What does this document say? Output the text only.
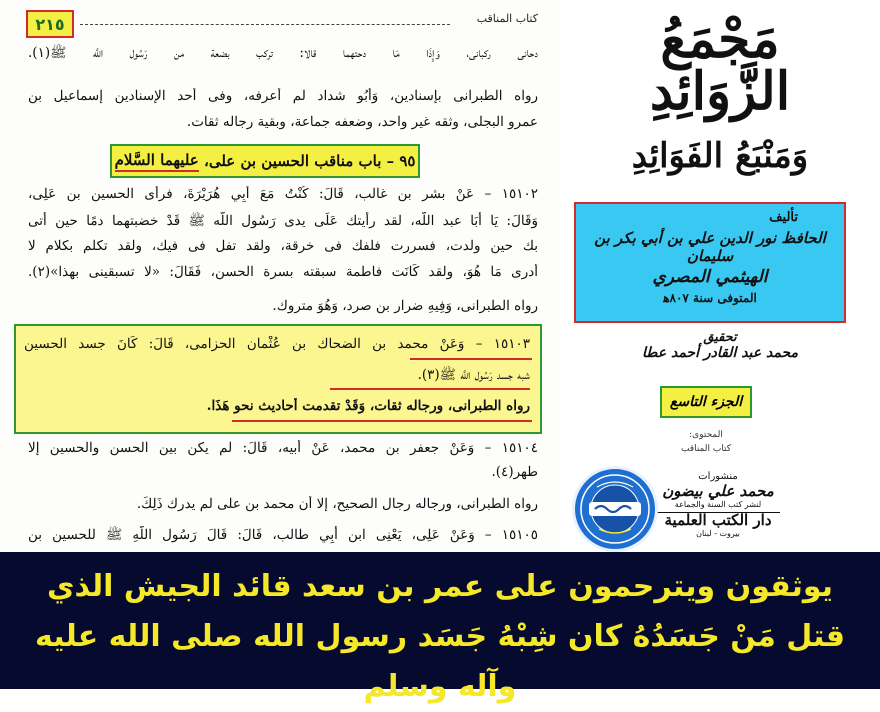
٢١٥	كتاب المناقب
دحانى ركبانى، وَإِذَا مَا دحتهما قالا: تركب بضعة من رَسُول اللَّه ﷺ(١).
رواه الطبرانى بإسنادين، وَأَبُو شداد لم أعرفه، وفى أحد الإسنادين إسماعيل بن
عمرو البجلى، وثقه غير واحد، وضعفه جماعة، وبقية رجاله ثقات.
٩٥ – باب مناقب الحسين بن على،

عليهما السَّلام
١٥١٠٢ – عَنْ بشر بن غالب، قَالَ: كُنْتُ مَعَ أَبِي هُرَيْرَةَ، فرأى الحسين بن عَلِى،
وَقَالَ: يَا أَبَا عبد اللَّه، لقد رأيتك عَلَى يدى رَسُول اللَّه ﷺ قَدْ خضبتهما دمًا حين أتى
بك حين ولدت، فسررت فلفك فى خرقة، ولقد تفل فى فيك، ولقد تكلم بكلام لا
أدرى مَا هُوَ، ولقد كَانَت فاطمة سبقته بسرة الحسن، فَقَالَ: «لا تسبقينى بهذا»(٢).
رواه الطبرانى، وَفِيهِ ضرار بن صرد، وَهُوَ متروك.
١٥١٠٣ – وَعَنْ محمد بن الضحاك بن عُثْمان الحزامى، قَالَ: كَانَ جسد الحسين
شبه جسد رَسُول اللَّه ﷺ(٣).
رواه الطبرانى، ورجاله ثقات، وَقَدْ تقدمت أحاديث نحو هَذَا.
١٥١٠٤ – وَعَنْ جعفر بن محمد، عَنْ أبيه، قَالَ: لم يكن بين الحسن والحسين إلا
طهر(٤).
رواه الطبرانى، ورجاله رجال الصحيح، إلا أن محمد بن على لم يدرك ذَلِكَ.
١٥١٠٥ – وَعَنْ عَلِى، يَعْنِى ابن أَبِي طالب، قَالَ: قَالَ رَسُول اللَّهِ ﷺ للحسين بن
مَجْمَعُ الزَّوَائِدِ
وَمَنْبَعُ الفَوَائِدِ
تأليف
الحافظ نور الدين علي بن أبي بكر بن سليمان
الهيثمي المصري
المتوفى سنة ٨٠٧ﻫ
تحقيق
محمد عبد القادر أحمد عطا
الجزء التاسع
المحتوى:
كتاب المناقب
منشورات
محمد علي بيضون
لنشر كتب السنة والجماعة
دار الكتب العلمية
بيروت - لبنان
يوثقون ويترحمون على عمر بن سعد قائد الجيش الذي قتل مَنْ جَسَدُهُ كان شِبْهُ جَسَد رسول الله صلى الله عليه وآله وسلم
